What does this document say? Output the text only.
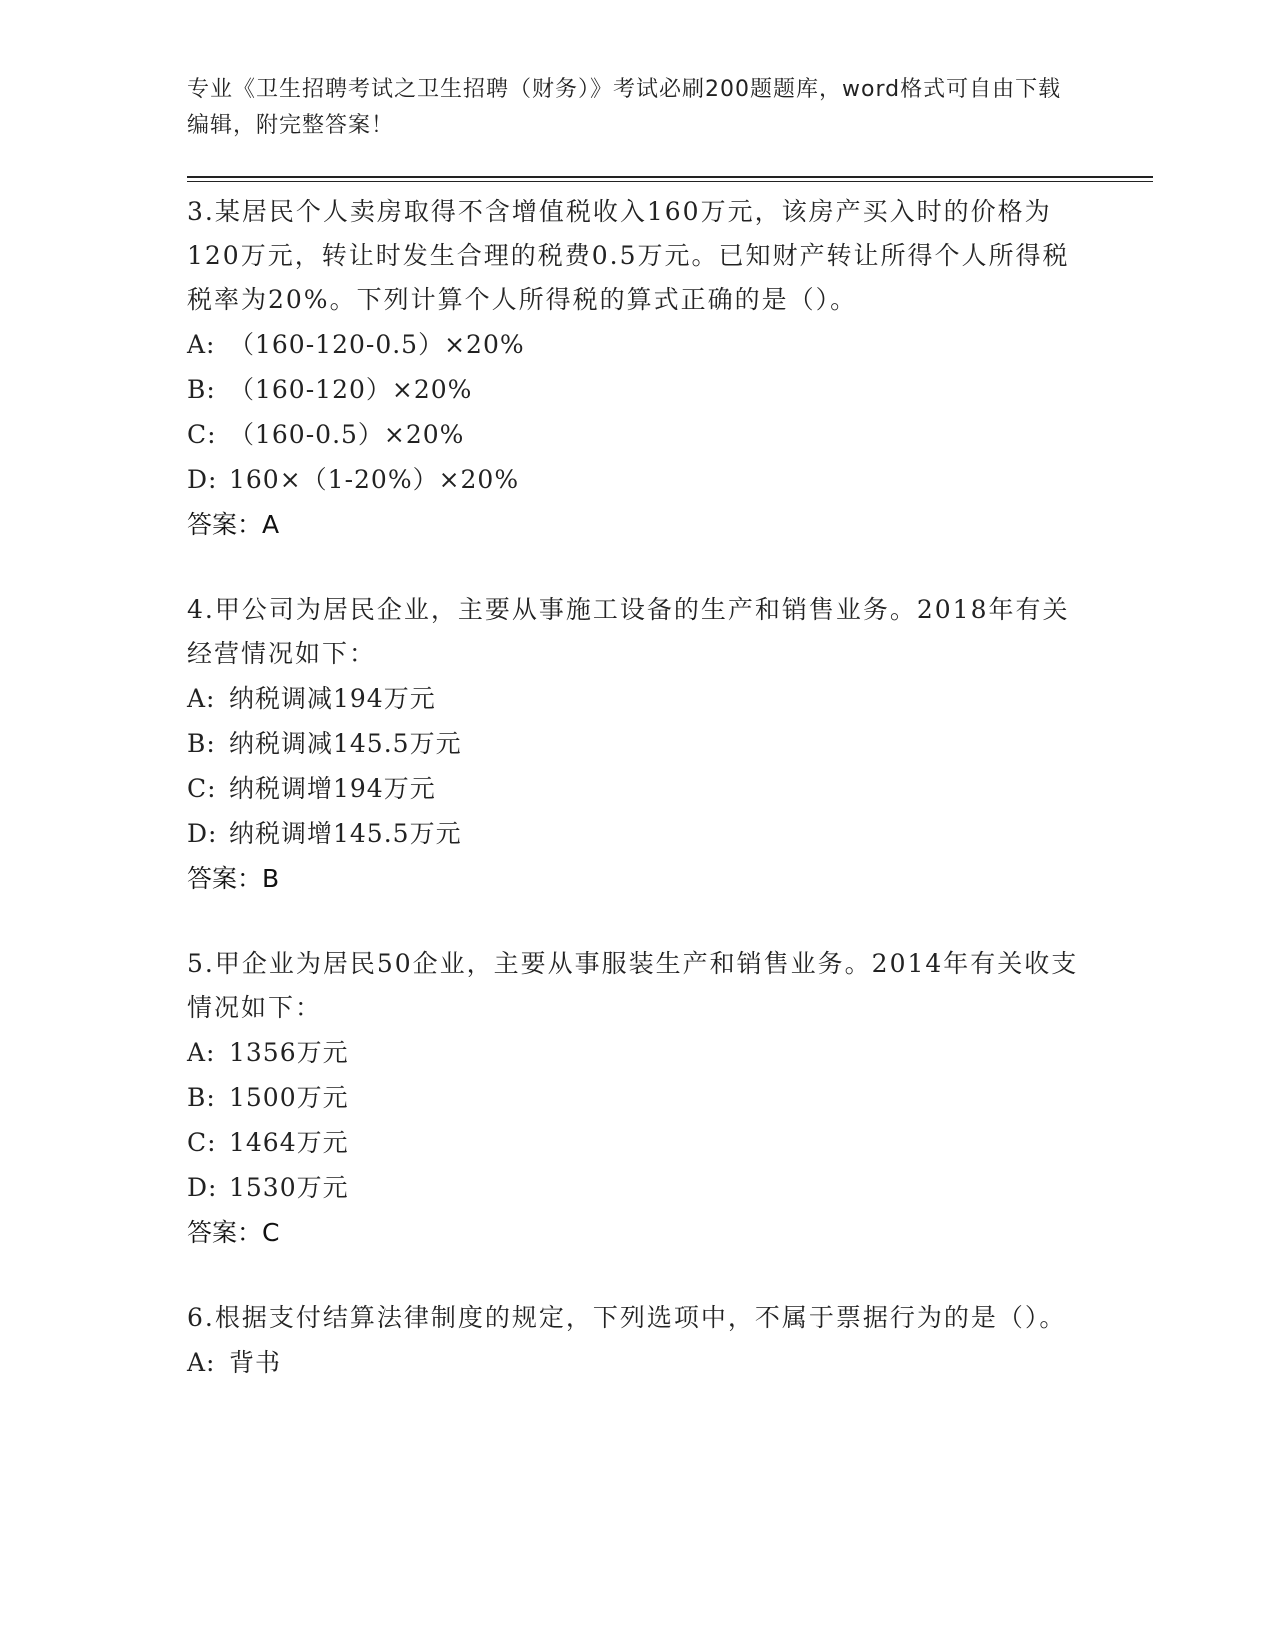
专业《卫生招聘考试之卫生招聘（财务）》考试必刷200题题库，word格式可自由下载编辑，附完整答案！

3.某居民个人卖房取得不含增值税收入160万元，该房产买入时的价格为120万元，转让时发生合理的税费0.5万元。已知财产转让所得个人所得税税率为20%。下列计算个人所得税的算式正确的是（）。

A: （160-120-0.5）×20%

B: （160-120）×20%

C: （160-0.5）×20%

D: 160×（1-20%）×20%

答案：A

4.甲公司为居民企业，主要从事施工设备的生产和销售业务。2018年有关经营情况如下：

A: 纳税调减194万元

B: 纳税调减145.5万元

C: 纳税调增194万元

D: 纳税调增145.5万元

答案：B

5.甲企业为居民50企业，主要从事服装生产和销售业务。2014年有关收支情况如下：

A: 1356万元

B: 1500万元

C: 1464万元

D: 1530万元

答案：C

6.根据支付结算法律制度的规定，下列选项中，不属于票据行为的是（）。

A: 背书
